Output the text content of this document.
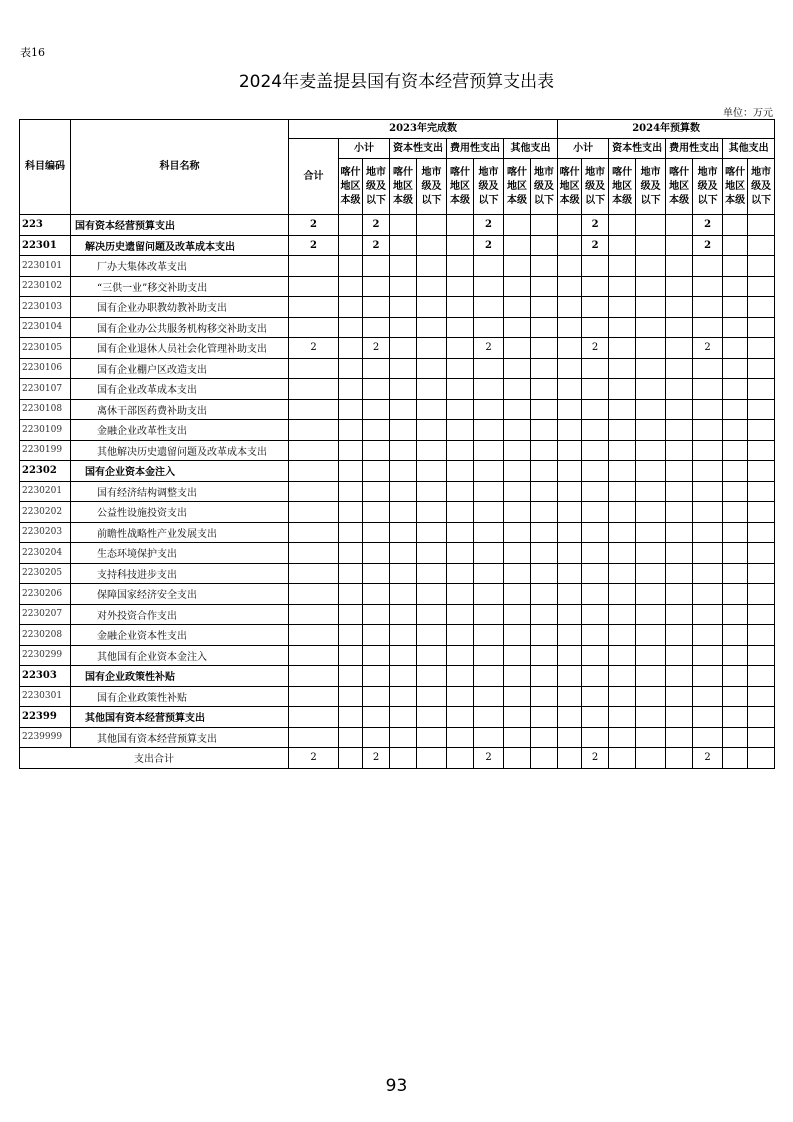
表16
2024年麦盖提县国有资本经营预算支出表
单位：万元
科目编码	科目名称	2023年完成数									2024年预算数							
		合计	小计		资本性支出		费用性支出		其他支出		小计		资本性支出		费用性支出		其他支出	
			喀什地区本级	地市级及以下	喀什地区本级	地市级及以下	喀什地区本级	地市级及以下	喀什地区本级	地市级及以下	喀什地区本级	地市级及以下	喀什地区本级	地市级及以下	喀什地区本级	地市级及以下	喀什地区本级	地市级及以下
223	国有资本经营预算支出	2		2				2				2				2		
22301	解决历史遗留问题及改革成本支出	2		2				2				2				2		
2230101	厂办大集体改革支出																	
2230102	“三供一业”移交补助支出																	
2230103	国有企业办职教幼教补助支出																	
2230104	国有企业办公共服务机构移交补助支出																	
2230105	国有企业退休人员社会化管理补助支出	2		2				2				2				2		
2230106	国有企业棚户区改造支出																	
2230107	国有企业改革成本支出																	
2230108	离休干部医药费补助支出																	
2230109	金融企业改革性支出																	
2230199	其他解决历史遗留问题及改革成本支出																	
22302	国有企业资本金注入																	
2230201	国有经济结构调整支出																	
2230202	公益性设施投资支出																	
2230203	前瞻性战略性产业发展支出																	
2230204	生态环境保护支出																	
2230205	支持科技进步支出																	
2230206	保障国家经济安全支出																	
2230207	对外投资合作支出																	
2230208	金融企业资本性支出																	
2230299	其他国有企业资本金注入																	
22303	国有企业政策性补贴																	
2230301	国有企业政策性补贴																	
22399	其他国有资本经营预算支出																	
2239999	其他国有资本经营预算支出																	
支出合计		2		2				2				2				2		
93
